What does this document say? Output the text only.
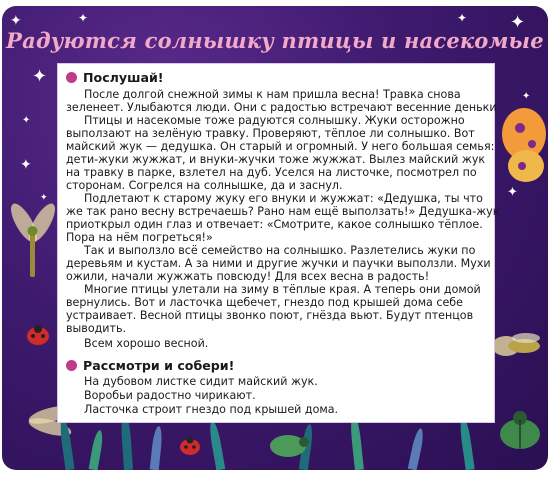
✦
✦
✦
✦
✦
✦	✦ ✦
✦
✦
Радуются солнышку птицы и насекомые
Послушай!
После долгой снежной зимы к нам пришла весна! Травка снова
зеленеет. Улыбаются люди. Они с радостью встречают весенние деньки.
Птицы и насекомые тоже радуются солнышку. Жуки осторожно
выползают на зелёную травку. Проверяют, тёплое ли солнышко. Вот
майский жук — дедушка. Он старый и огромный. У него большая семья:
дети-жуки жужжат, и внуки-жучки тоже жужжат. Вылез майский жук
на травку в парке, взлетел на дуб. Уселся на листочке, посмотрел по
сторонам. Согрелся на солнышке, да и заснул.
Подлетают к старому жуку его внуки и жужжат: «Дедушка, ты что
же так рано весну встречаешь? Рано нам ещё выползать!» Дедушка-жук
приоткрыл один глаз и отвечает: «Смотрите, какое солнышко тёплое.
Пора на нём погреться!»
Так и выползло всё семейство на солнышко. Разлетелись жуки по
деревьям и кустам. А за ними и другие жучки и паучки выползли. Мухи
ожили, начали жужжать повсюду! Для всех весна в радость!
Многие птицы улетали на зиму в тёплые края. А теперь они домой
вернулись. Вот и ласточка щебечет, гнездо под крышей дома себе
устраивает. Весной птицы звонко поют, гнёзда вьют. Будут птенцов
выводить.
Всем хорошо весной.
Рассмотри и собери!
На дубовом листке сидит майский жук.
Воробьи радостно чирикают.
Ласточка строит гнездо под крышей дома.
